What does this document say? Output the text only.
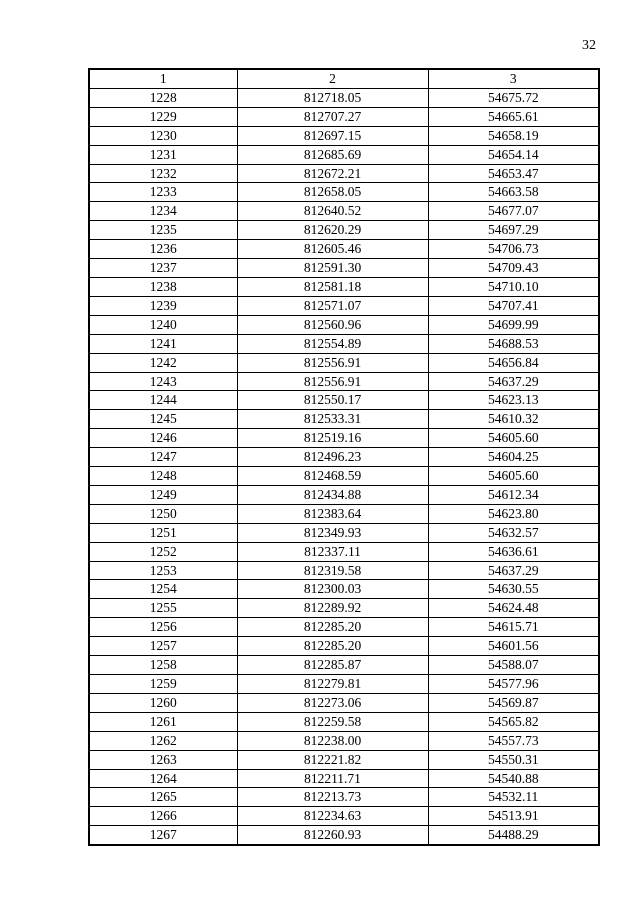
32
1	2	3
1228	812718.05	54675.72
1229	812707.27	54665.61
1230	812697.15	54658.19
1231	812685.69	54654.14
1232	812672.21	54653.47
1233	812658.05	54663.58
1234	812640.52	54677.07
1235	812620.29	54697.29
1236	812605.46	54706.73
1237	812591.30	54709.43
1238	812581.18	54710.10
1239	812571.07	54707.41
1240	812560.96	54699.99
1241	812554.89	54688.53
1242	812556.91	54656.84
1243	812556.91	54637.29
1244	812550.17	54623.13
1245	812533.31	54610.32
1246	812519.16	54605.60
1247	812496.23	54604.25
1248	812468.59	54605.60
1249	812434.88	54612.34
1250	812383.64	54623.80
1251	812349.93	54632.57
1252	812337.11	54636.61
1253	812319.58	54637.29
1254	812300.03	54630.55
1255	812289.92	54624.48
1256	812285.20	54615.71
1257	812285.20	54601.56
1258	812285.87	54588.07
1259	812279.81	54577.96
1260	812273.06	54569.87
1261	812259.58	54565.82
1262	812238.00	54557.73
1263	812221.82	54550.31
1264	812211.71	54540.88
1265	812213.73	54532.11
1266	812234.63	54513.91
1267	812260.93	54488.29
